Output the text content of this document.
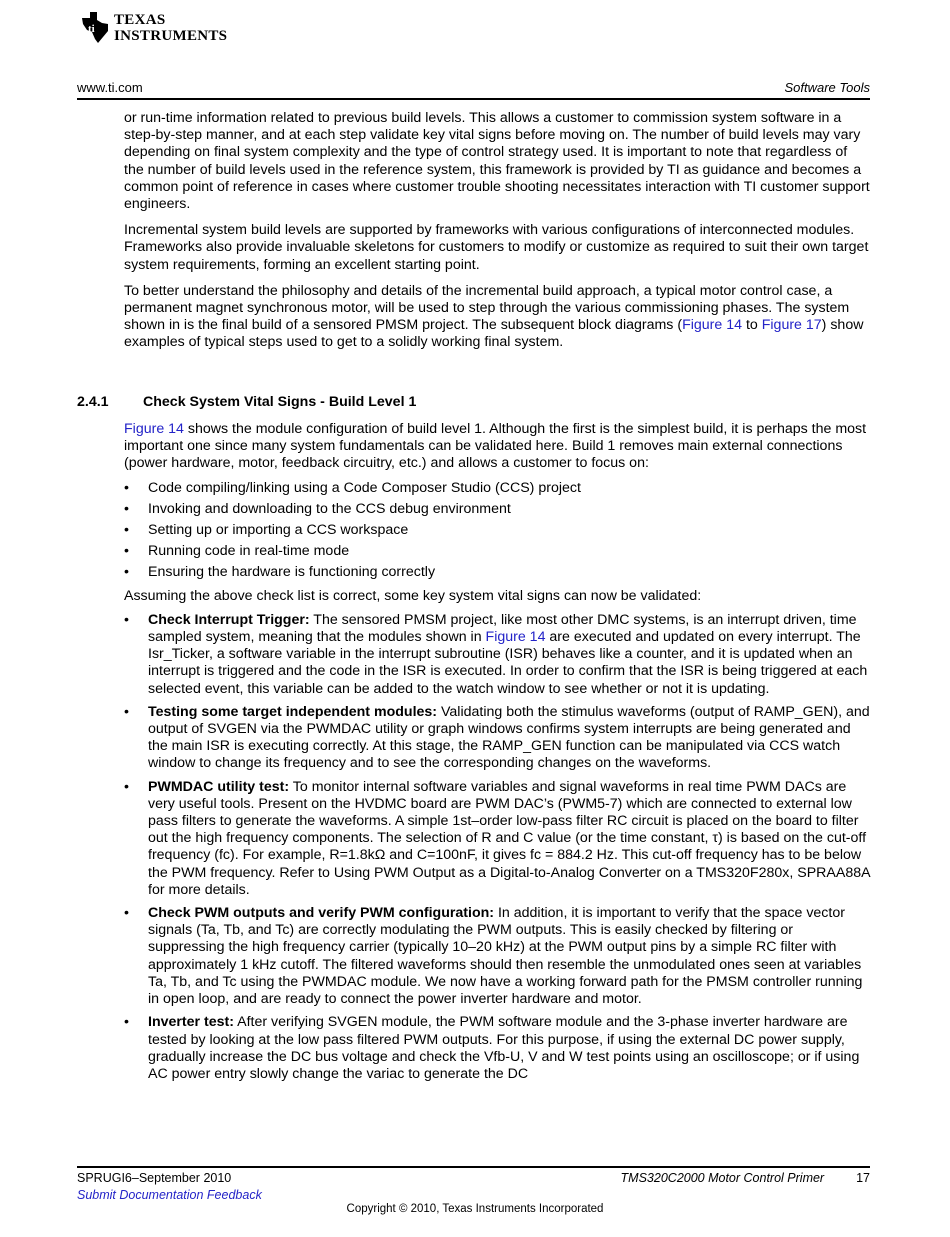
ti
TEXAS
INSTRUMENTS
www.ti.com	Software Tools

or run-time information related to previous build levels. This allows a customer to commission system software in a step-by-step manner, and at each step validate key vital signs before moving on. The number of build levels may vary depending on final system complexity and the type of control strategy used. It is important to note that regardless of the number of build levels used in the reference system, this framework is provided by TI as guidance and becomes a common point of reference in cases where customer trouble shooting necessitates interaction with TI customer support engineers.

Incremental system build levels are supported by frameworks with various configurations of interconnected modules. Frameworks also provide invaluable skeletons for customers to modify or customize as required to suit their own target system requirements, forming an excellent starting point.

To better understand the philosophy and details of the incremental build approach, a typical motor control case, a permanent magnet synchronous motor, will be used to step through the various commissioning phases. The system shown in is the final build of a sensored PMSM project. The subsequent block diagrams (Figure 14 to Figure 17) show examples of typical steps used to get to a solidly working final system.

2.4.1	Check System Vital Signs - Build Level 1

Figure 14 shows the module configuration of build level 1. Although the first is the simplest build, it is perhaps the most important one since many system fundamentals can be validated here. Build 1 removes main external connections (power hardware, motor, feedback circuitry, etc.) and allows a customer to focus on:

• Code compiling/linking using a Code Composer Studio (CCS) project
• Invoking and downloading to the CCS debug environment
• Setting up or importing a CCS workspace
• Running code in real-time mode
• Ensuring the hardware is functioning correctly

Assuming the above check list is correct, some key system vital signs can now be validated:

• Check Interrupt Trigger: The sensored PMSM project, like most other DMC systems, is an interrupt driven, time sampled system, meaning that the modules shown in Figure 14 are executed and updated on every interrupt. The Isr_Ticker, a software variable in the interrupt subroutine (ISR) behaves like a counter, and it is updated when an interrupt is triggered and the code in the ISR is executed. In order to confirm that the ISR is being triggered at each selected event, this variable can be added to the watch window to see whether or not it is updating.
• Testing some target independent modules: Validating both the stimulus waveforms (output of RAMP_GEN), and output of SVGEN via the PWMDAC utility or graph windows confirms system interrupts are being generated and the main ISR is executing correctly. At this stage, the RAMP_GEN function can be manipulated via CCS watch window to change its frequency and to see the corresponding changes on the waveforms.
• PWMDAC utility test: To monitor internal software variables and signal waveforms in real time PWM DACs are very useful tools. Present on the HVDMC board are PWM DAC’s (PWM5-7) which are connected to external low pass filters to generate the waveforms. A simple 1st–order low-pass filter RC circuit is placed on the board to filter out the high frequency components. The selection of R and C value (or the time constant, τ) is based on the cut-off frequency (fc). For example, R=1.8kΩ and C=100nF, it gives fc = 884.2 Hz. This cut-off frequency has to be below the PWM frequency. Refer to Using PWM Output as a Digital-to-Analog Converter on a TMS320F280x, SPRAA88A for more details.
• Check PWM outputs and verify PWM configuration: In addition, it is important to verify that the space vector signals (Ta, Tb, and Tc) are correctly modulating the PWM outputs. This is easily checked by filtering or suppressing the high frequency carrier (typically 10–20 kHz) at the PWM output pins by a simple RC filter with approximately 1 kHz cutoff. The filtered waveforms should then resemble the unmodulated ones seen at variables Ta, Tb, and Tc using the PWMDAC module. We now have a working forward path for the PMSM controller running in open loop, and are ready to connect the power inverter hardware and motor.
• Inverter test: After verifying SVGEN module, the PWM software module and the 3-phase inverter hardware are tested by looking at the low pass filtered PWM outputs. For this purpose, if using the external DC power supply, gradually increase the DC bus voltage and check the Vfb-U, V and W test points using an oscilloscope; or if using AC power entry slowly change the variac to generate the DC
SPRUGI6–September 2010	TMS320C2000 Motor Control Primer	17
Submit Documentation Feedback
Copyright © 2010, Texas Instruments Incorporated
